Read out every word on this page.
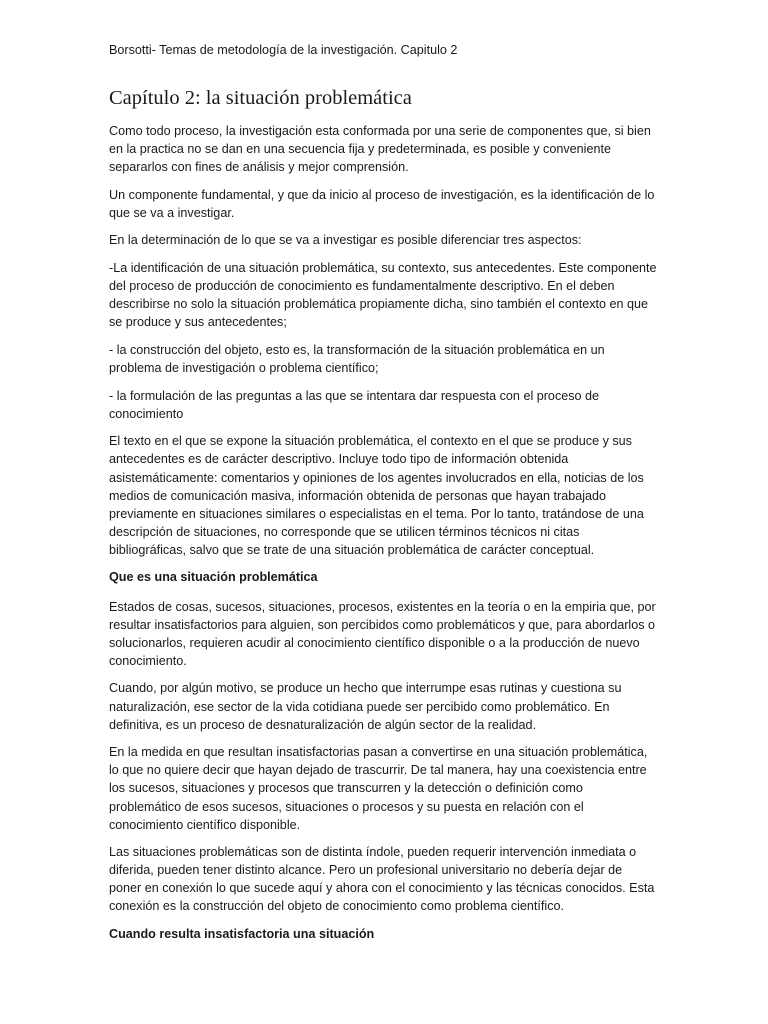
Borsotti- Temas de metodología de la investigación. Capitulo 2
Capítulo 2: la situación problemática

Como todo proceso, la investigación esta conformada por una serie de componentes que, si bien en la practica no se dan en una secuencia fija y predeterminada, es posible y conveniente separarlos con fines de análisis y mejor comprensión.

Un componente fundamental, y que da inicio al proceso de investigación, es la identificación de lo que se va a investigar.

En la determinación de lo que se va a investigar es posible diferenciar tres aspectos:

-La identificación de una situación problemática, su contexto, sus antecedentes. Este componente del proceso de producción de conocimiento es fundamentalmente descriptivo. En el deben describirse no solo la situación problemática propiamente dicha, sino también el contexto en que se produce y sus antecedentes;

- la construcción del objeto, esto es, la transformación de la situación problemática en un problema de investigación o problema científico;

- la formulación de las preguntas a las que se intentara dar respuesta con el proceso de conocimiento

El texto en el que se expone la situación problemática, el contexto en el que se produce y sus antecedentes es de carácter descriptivo. Incluye todo tipo de información obtenida asistemáticamente: comentarios y opiniones de los agentes involucrados en ella, noticias de los medios de comunicación masiva, información obtenida de personas que hayan trabajado previamente en situaciones similares o especialistas en el tema. Por lo tanto, tratándose de una descripción de situaciones, no corresponde que se utilicen términos técnicos ni citas bibliográficas, salvo que se trate de una situación problemática de carácter conceptual.

Que es una situación problemática

Estados de cosas, sucesos, situaciones, procesos, existentes en la teoría o en la empiria que, por resultar insatisfactorios para alguien, son percibidos como problemáticos y que, para abordarlos o solucionarlos, requieren acudir al conocimiento científico disponible o a la producción de nuevo conocimiento.

Cuando, por algún motivo, se produce un hecho que interrumpe esas rutinas y cuestiona su naturalización, ese sector de la vida cotidiana puede ser percibido como problemático. En definitiva, es un proceso de desnaturalización de algún sector de la realidad.

En la medida en que resultan insatisfactorias pasan a convertirse en una situación problemática, lo que no quiere decir que hayan dejado de trascurrir. De tal manera, hay una coexistencia entre los sucesos, situaciones y procesos que transcurren y la detección o definición como problemático de esos sucesos, situaciones o procesos y su puesta en relación con el conocimiento científico disponible.

Las situaciones problemáticas son de distinta índole, pueden requerir intervención inmediata o diferida, pueden tener distinto alcance. Pero un profesional universitario no debería dejar de poner en conexión lo que sucede aquí y ahora con el conocimiento y las técnicas conocidos. Esta conexión es la construcción del objeto de conocimiento como problema científico.

Cuando resulta insatisfactoria una situación
